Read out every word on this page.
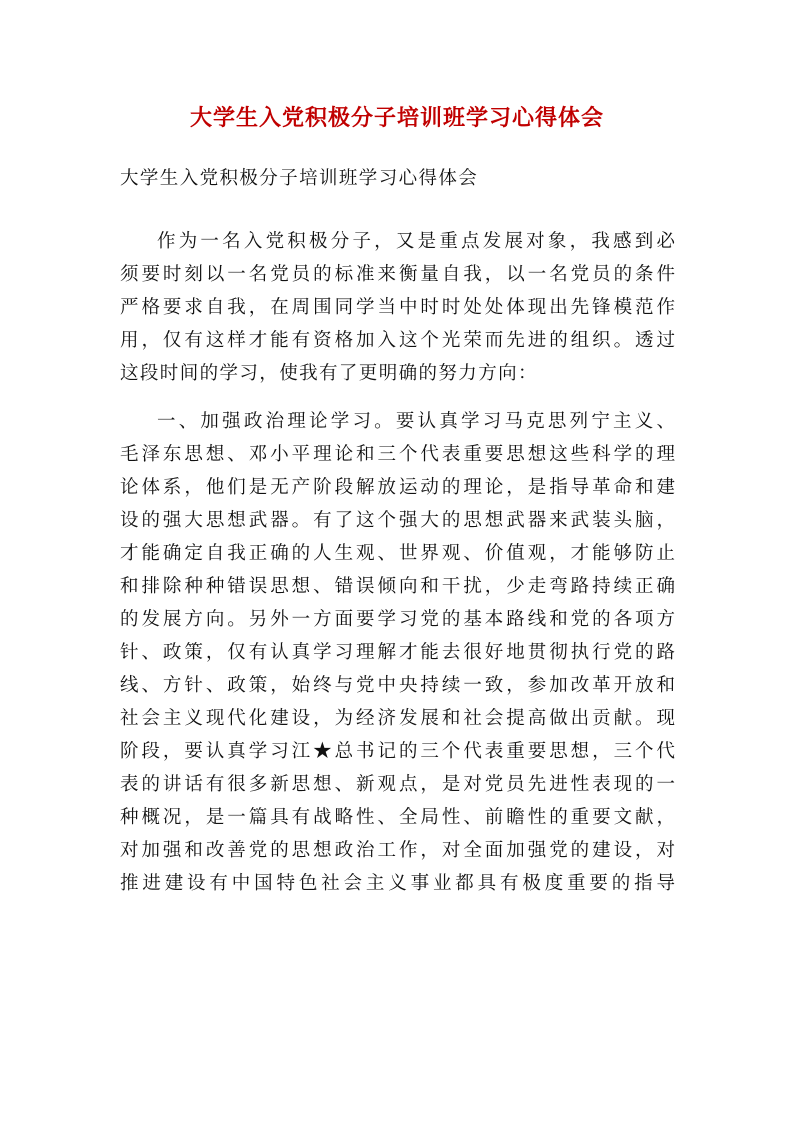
大学生入党积极分子培训班学习心得体会
大学生入党积极分子培训班学习心得体会
作为一名入党积极分子，又是重点发展对象，我感到必
须要时刻以一名党员的标准来衡量自我，以一名党员的条件
严格要求自我，在周围同学当中时时处处体现出先锋模范作
用，仅有这样才能有资格加入这个光荣而先进的组织。透过
这段时间的学习，使我有了更明确的努力方向：
一、加强政治理论学习。要认真学习马克思列宁主义、
毛泽东思想、邓小平理论和三个代表重要思想这些科学的理
论体系，他们是无产阶段解放运动的理论，是指导革命和建
设的强大思想武器。有了这个强大的思想武器来武装头脑，
才能确定自我正确的人生观、世界观、价值观，才能够防止
和排除种种错误思想、错误倾向和干扰，少走弯路持续正确
的发展方向。另外一方面要学习党的基本路线和党的各项方
针、政策，仅有认真学习理解才能去很好地贯彻执行党的路
线、方针、政策，始终与党中央持续一致，参加改革开放和
社会主义现代化建设，为经济发展和社会提高做出贡献。现
阶段，要认真学习江★总书记的三个代表重要思想，三个代
表的讲话有很多新思想、新观点，是对党员先进性表现的一
种概况，是一篇具有战略性、全局性、前瞻性的重要文献，
对加强和改善党的思想政治工作，对全面加强党的建设，对
推进建设有中国特色社会主义事业都具有极度重要的指导
